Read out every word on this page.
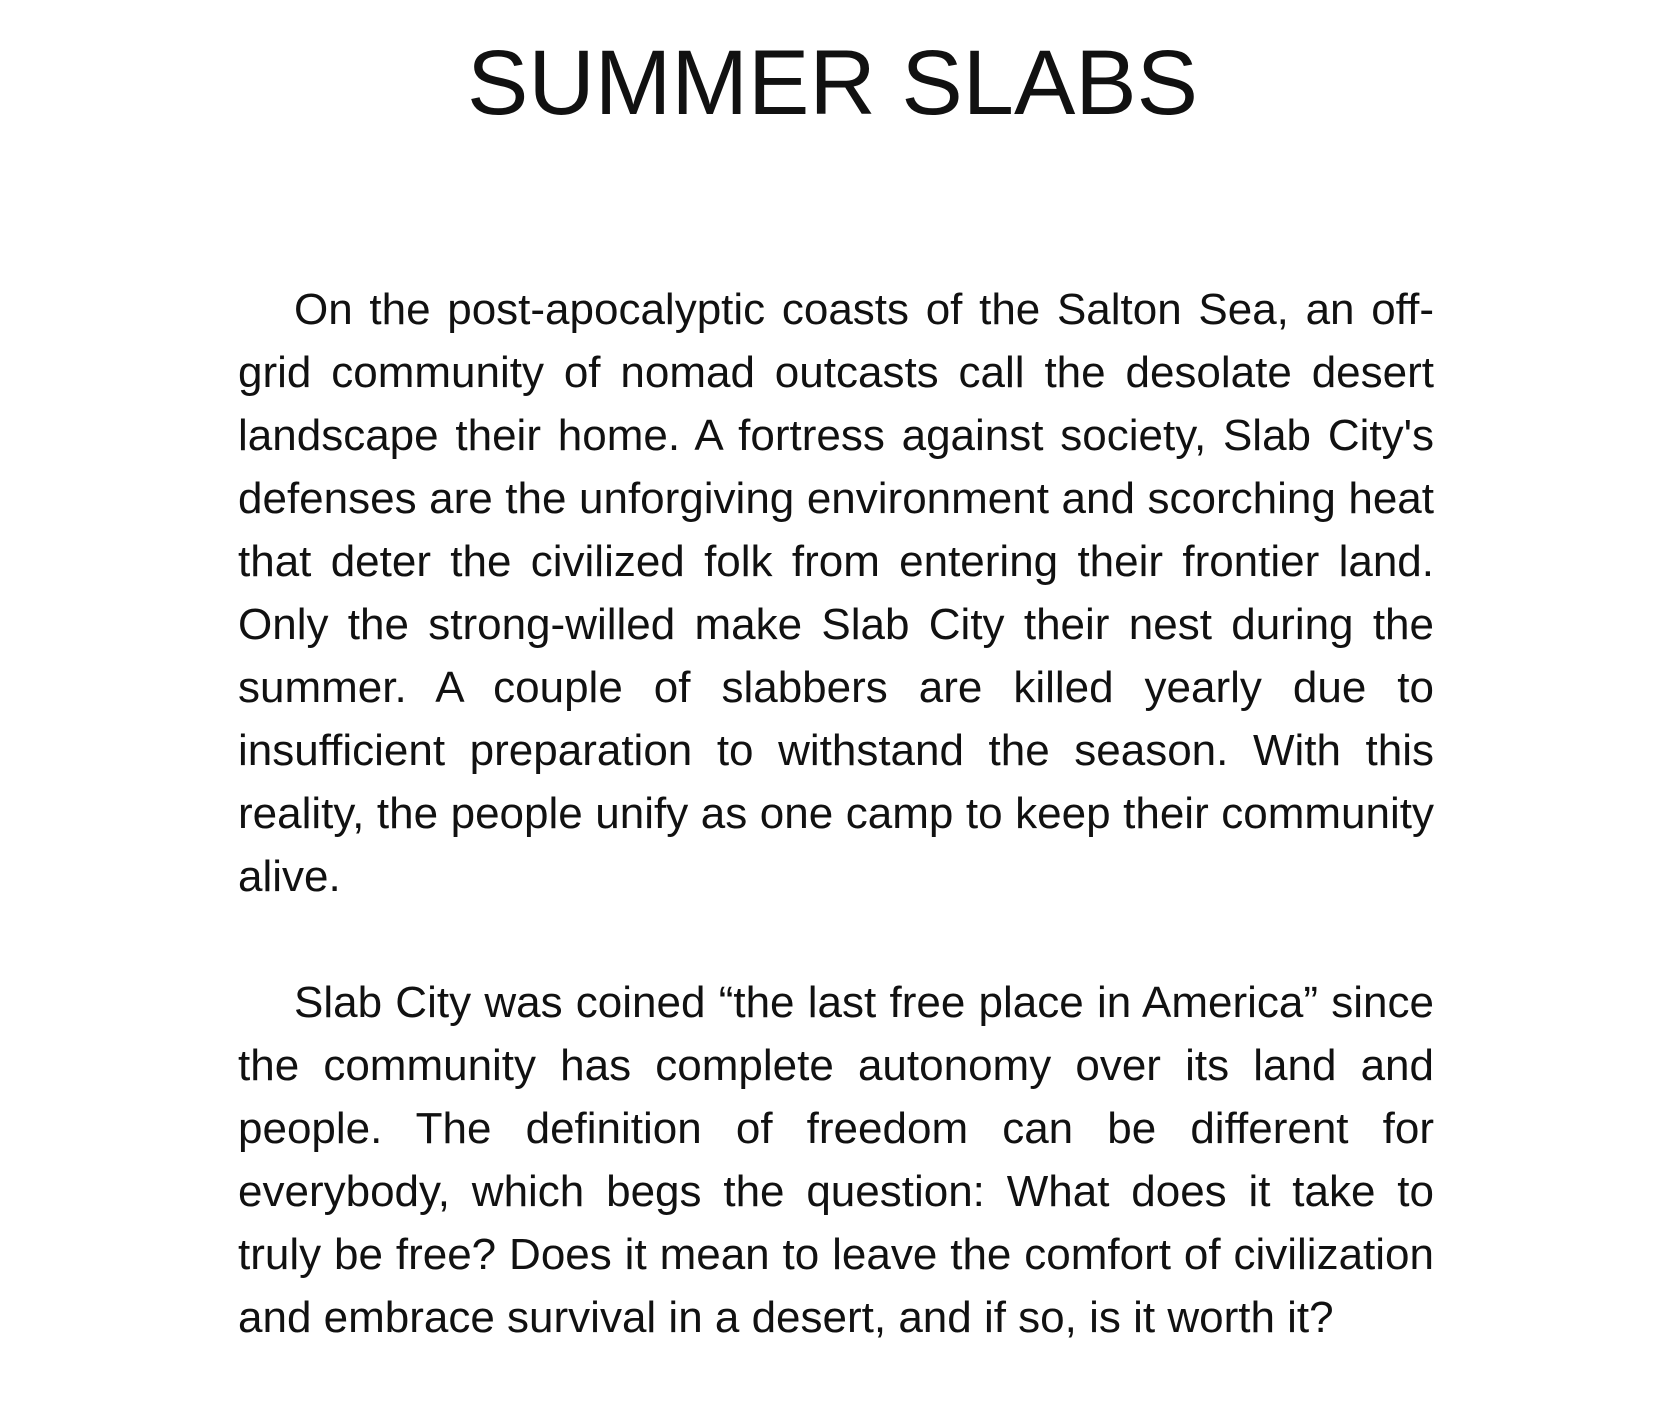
SUMMER SLABS

On the post-apocalyptic coasts of the Salton Sea, an off-grid community of nomad outcasts call the desolate desert landscape their home. A fortress against society, Slab City's defenses are the unforgiving environment and scorching heat that deter the civilized folk from entering their frontier land. Only the strong-willed make Slab City their nest during the summer. A couple of slabbers are killed yearly due to insufficient preparation to withstand the season. With this reality, the people unify as one camp to keep their community alive.

Slab City was coined “the last free place in America” since the community has complete autonomy over its land and people. The definition of freedom can be different for everybody, which begs the question: What does it take to truly be free? Does it mean to leave the comfort of civilization and embrace survival in a desert, and if so, is it worth it?
